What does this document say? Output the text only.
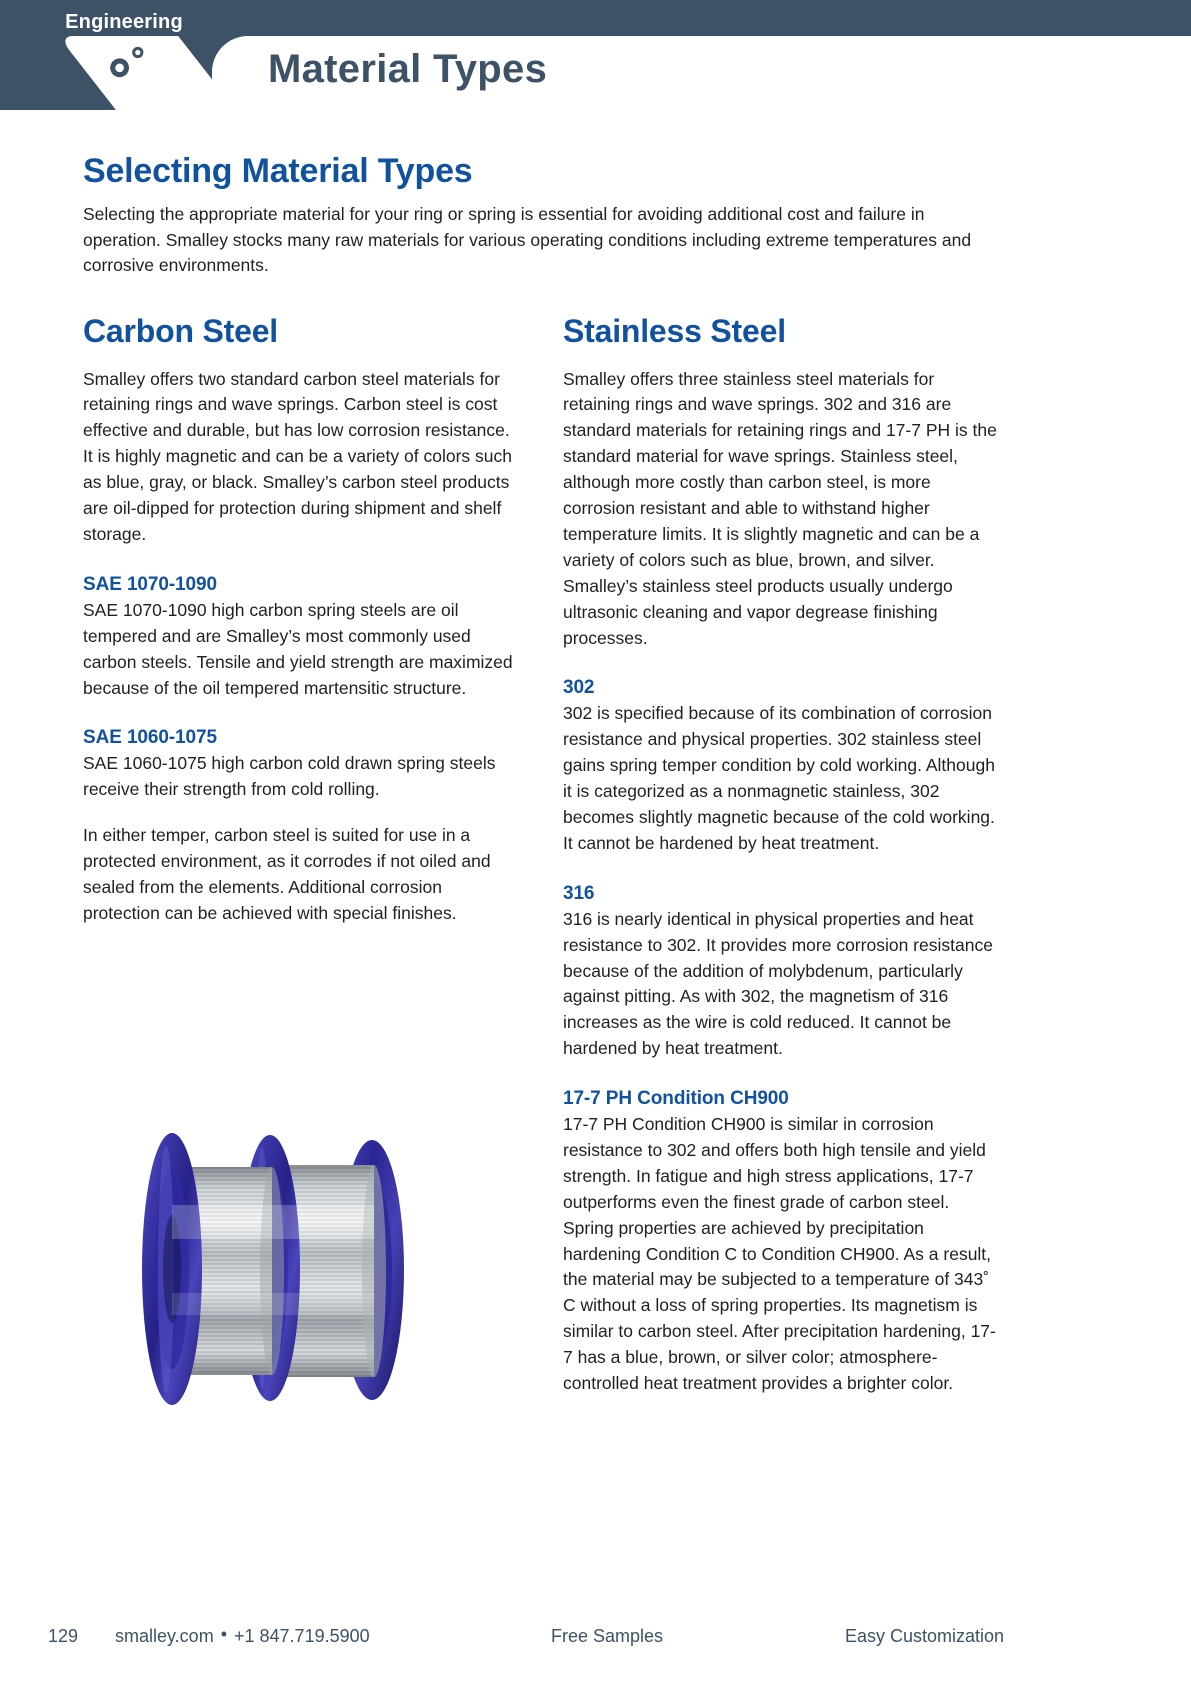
Engineering
Material Types
Selecting Material Types

Selecting the appropriate material for your ring or spring is essential for avoiding additional cost and failure in operation. Smalley stocks many raw materials for various operating conditions including extreme temperatures and corrosive environments.

Carbon Steel

Smalley offers two standard carbon steel materials for retaining rings and wave springs. Carbon steel is cost effective and durable, but has low corrosion resistance. It is highly magnetic and can be a variety of colors such as blue, gray, or black. Smalley’s carbon steel products are oil-dipped for protection during shipment and shelf storage.

SAE 1070-1090

SAE 1070-1090 high carbon spring steels are oil tempered and are Smalley’s most commonly used carbon steels. Tensile and yield strength are maximized because of the oil tempered martensitic structure.

SAE 1060-1075

SAE 1060-1075 high carbon cold drawn spring steels receive their strength from cold rolling.

In either temper, carbon steel is suited for use in a protected environment, as it corrodes if not oiled and sealed from the elements. Additional corrosion protection can be achieved with special finishes.

Stainless Steel

Smalley offers three stainless steel materials for retaining rings and wave springs. 302 and 316 are standard materials for retaining rings and 17-7 PH is the standard material for wave springs. Stainless steel, although more costly than carbon steel, is more corrosion resistant and able to withstand higher temperature limits. It is slightly magnetic and can be a variety of colors such as blue, brown, and silver. Smalley’s stainless steel products usually undergo ultrasonic cleaning and vapor degrease finishing processes.

302

302 is specified because of its combination of corrosion resistance and physical properties. 302 stainless steel gains spring temper condition by cold working. Although it is categorized as a nonmagnetic stainless, 302 becomes slightly magnetic because of the cold working. It cannot be hardened by heat treatment.

316

316 is nearly identical in physical properties and heat resistance to 302. It provides more corrosion resistance because of the addition of molybdenum, particularly against pitting. As with 302, the magnetism of 316 increases as the wire is cold reduced. It cannot be hardened by heat treatment.

17-7 PH Condition CH900

17-7 PH Condition CH900 is similar in corrosion resistance to 302 and offers both high tensile and yield strength. In fatigue and high stress applications, 17-7 outperforms even the finest grade of carbon steel. Spring properties are achieved by precipitation hardening Condition C to Condition CH900. As a result, the material may be subjected to a temperature of 343˚ C without a loss of spring properties. Its magnetism is similar to carbon steel. After precipitation hardening, 17-7 has a blue, brown, or silver color; atmosphere-controlled heat treatment provides a brighter color.

129 smalley.com • +1 847.719.5900	Free Samples	Easy Customization
